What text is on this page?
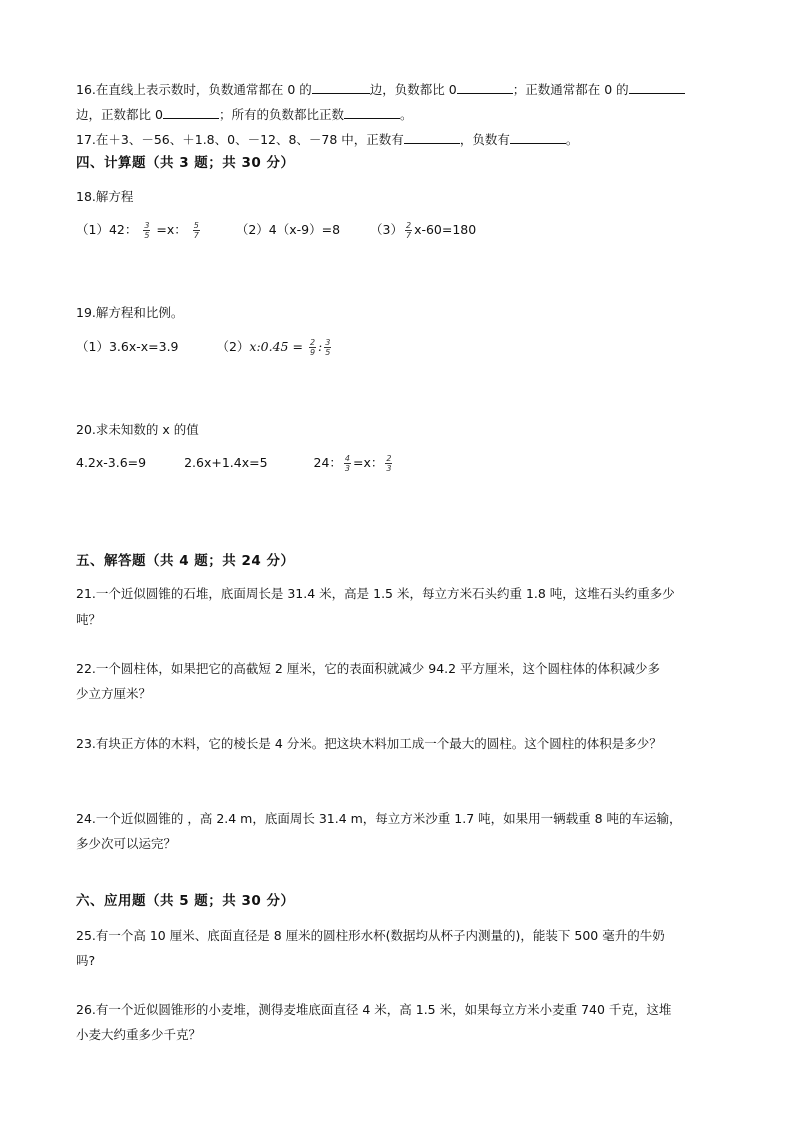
16.在直线上表示数时，负数通常都在 0 的	边，负数都比 0	；正数通常都在 0 的
边，正数都比 0	；所有的负数都比正数	。
17.在＋3、－56、＋1.8、0、－12、8、－78 中，正数有	，负数有	。
四、计算题（共 3 题；共 30 分）
18.解方程
（1）42： $\frac{3}{5} =x$： $\frac{5}{7}$	（2）4（x-9）=8 $(3) \frac{2}{7} x-60=180$
19.解方程和比例。
（1）3.6x-x=3.9	（2）x:0.45 = $\frac{2}{9}$ : $\frac{3}{5}$
20.求未知数的 x 的值
4.2x-3.6=9	2.6x+1.4x=5	24： $\frac{4}{3} =x$： $\frac{2}{3}$
五、解答题（共 4 题；共 24 分）
21.一个近似圆锥的石堆，底面周长是 31.4 米，高是 1.5 米，每立方米石头约重 1.8 吨，这堆石头约重多少
吨？
22.一个圆柱体，如果把它的高截短 2 厘米，它的表面积就减少 94.2 平方厘米，这个圆柱体的体积减少多
少立方厘米？
23.有块正方体的木料，它的棱长是 4 分米。把这块木料加工成一个最大的圆柱。这个圆柱的体积是多少？
24.一个近似圆锥的 ，高 2.4 m，底面周长 31.4 m，每立方米沙重 1.7 吨，如果用一辆载重 8 吨的车运输，
多少次可以运完？
六、应用题（共 5 题；共 30 分）
25.有一个高 10 厘米、底面直径是 8 厘米的圆柱形水杯(数据均从杯子内测量的)，能装下 500 毫升的牛奶
吗?
26.有一个近似圆锥形的小麦堆，测得麦堆底面直径 4 米，高 1.5 米，如果每立方米小麦重 740 千克，这堆
小麦大约重多少千克？
